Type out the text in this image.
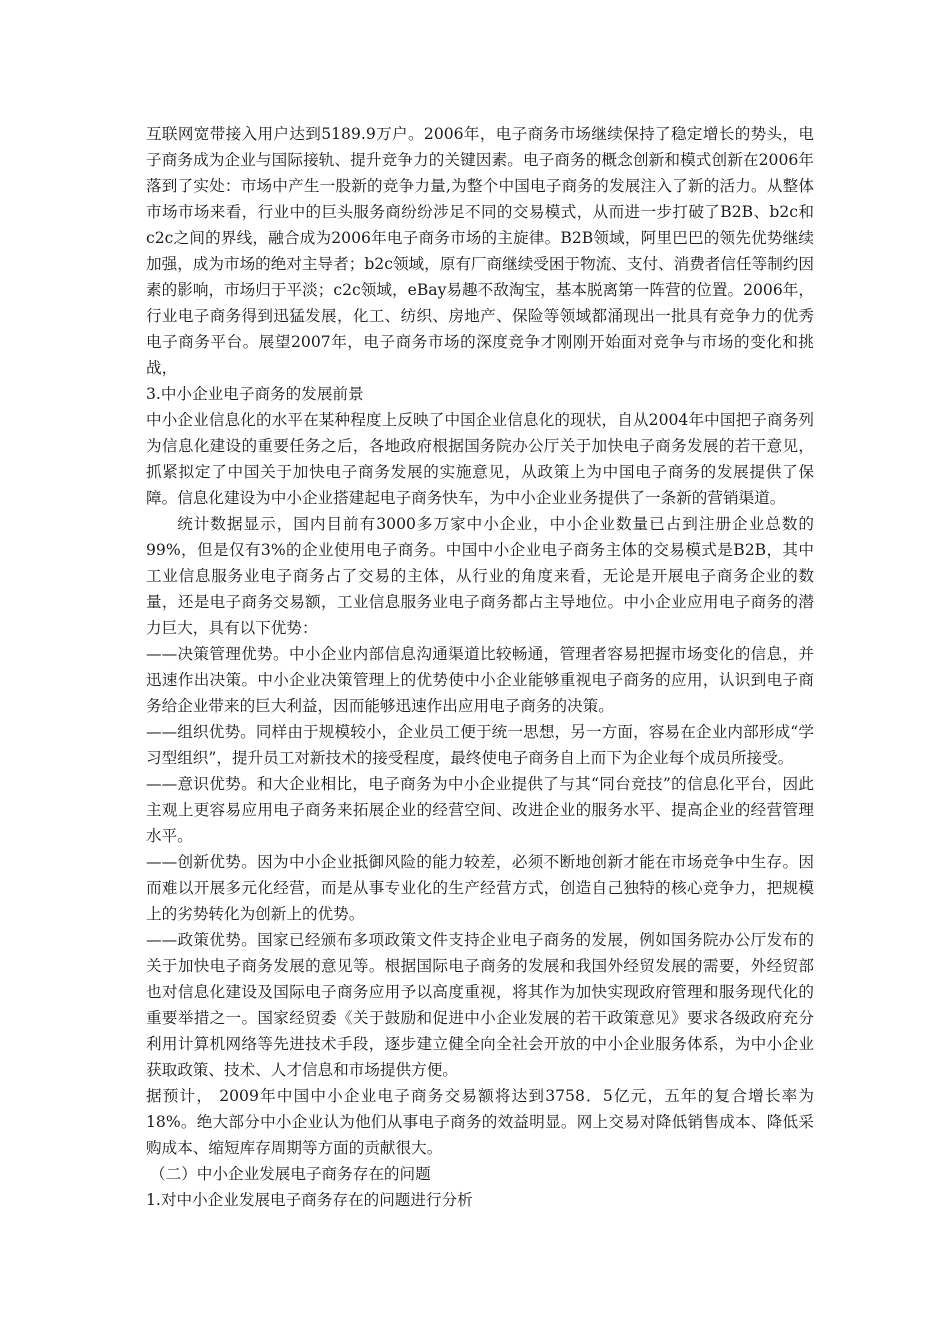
互联网宽带接入用户达到5189.9万户。2006年，电子商务市场继续保持了稳定增长的势头，电子商务成为企业与国际接轨、提升竞争力的关键因素。电子商务的概念创新和模式创新在2006年落到了实处：市场中产生一股新的竞争力量,为整个中国电子商务的发展注入了新的活力。从整体市场市场来看，行业中的巨头服务商纷纷涉足不同的交易模式，从而进一步打破了B2B、b2c和c2c之间的界线，融合成为2006年电子商务市场的主旋律。B2B领域，阿里巴巴的领先优势继续加强，成为市场的绝对主导者；b2c领域，原有厂商继续受困于物流、支付、消费者信任等制约因素的影响，市场归于平淡；c2c领域，eBay易趣不敌淘宝，基本脱离第一阵营的位置。2006年，行业电子商务得到迅猛发展，化工、纺织、房地产、保险等领域都涌现出一批具有竞争力的优秀电子商务平台。展望2007年，电子商务市场的深度竞争才刚刚开始面对竞争与市场的变化和挑战，

3.中小企业电子商务的发展前景

中小企业信息化的水平在某种程度上反映了中国企业信息化的现状，自从2004年中国把子商务列为信息化建设的重要任务之后，各地政府根据国务院办公厅关于加快电子商务发展的若干意见，抓紧拟定了中国关于加快电子商务发展的实施意见，从政策上为中国电子商务的发展提供了保障。信息化建设为中小企业搭建起电子商务快车，为中小企业业务提供了一条新的营销渠道。

统计数据显示，国内目前有3000多万家中小企业，中小企业数量已占到注册企业总数的99%，但是仅有3%的企业使用电子商务。中国中小企业电子商务主体的交易模式是B2B，其中工业信息服务业电子商务占了交易的主体，从行业的角度来看，无论是开展电子商务企业的数量，还是电子商务交易额，工业信息服务业电子商务都占主导地位。中小企业应用电子商务的潜力巨大，具有以下优势：

——决策管理优势。中小企业内部信息沟通渠道比较畅通，管理者容易把握市场变化的信息，并迅速作出决策。中小企业决策管理上的优势使中小企业能够重视电子商务的应用，认识到电子商务给企业带来的巨大利益，因而能够迅速作出应用电子商务的决策。

——组织优势。同样由于规模较小，企业员工便于统一思想，另一方面，容易在企业内部形成“学习型组织”，提升员工对新技术的接受程度，最终使电子商务自上而下为企业每个成员所接受。

——意识优势。和大企业相比，电子商务为中小企业提供了与其“同台竞技”的信息化平台，因此主观上更容易应用电子商务来拓展企业的经营空间、改进企业的服务水平、提高企业的经营管理水平。

——创新优势。因为中小企业抵御风险的能力较差，必须不断地创新才能在市场竞争中生存。因而难以开展多元化经营，而是从事专业化的生产经营方式，创造自己独特的核心竞争力，把规模上的劣势转化为创新上的优势。

——政策优势。国家已经颁布多项政策文件支持企业电子商务的发展，例如国务院办公厅发布的关于加快电子商务发展的意见等。根据国际电子商务的发展和我国外经贸发展的需要，外经贸部也对信息化建设及国际电子商务应用予以高度重视，将其作为加快实现政府管理和服务现代化的重要举措之一。国家经贸委《关于鼓励和促进中小企业发展的若干政策意见》要求各级政府充分利用计算机网络等先进技术手段，逐步建立健全向全社会开放的中小企业服务体系，为中小企业获取政策、技术、人才信息和市场提供方便。

据预计， 2009年中国中小企业电子商务交易额将达到3758．5亿元，五年的复合增长率为18%。绝大部分中小企业认为他们从事电子商务的效益明显。网上交易对降低销售成本、降低采购成本、缩短库存周期等方面的贡献很大。

（二）中小企业发展电子商务存在的问题

1.对中小企业发展电子商务存在的问题进行分析
